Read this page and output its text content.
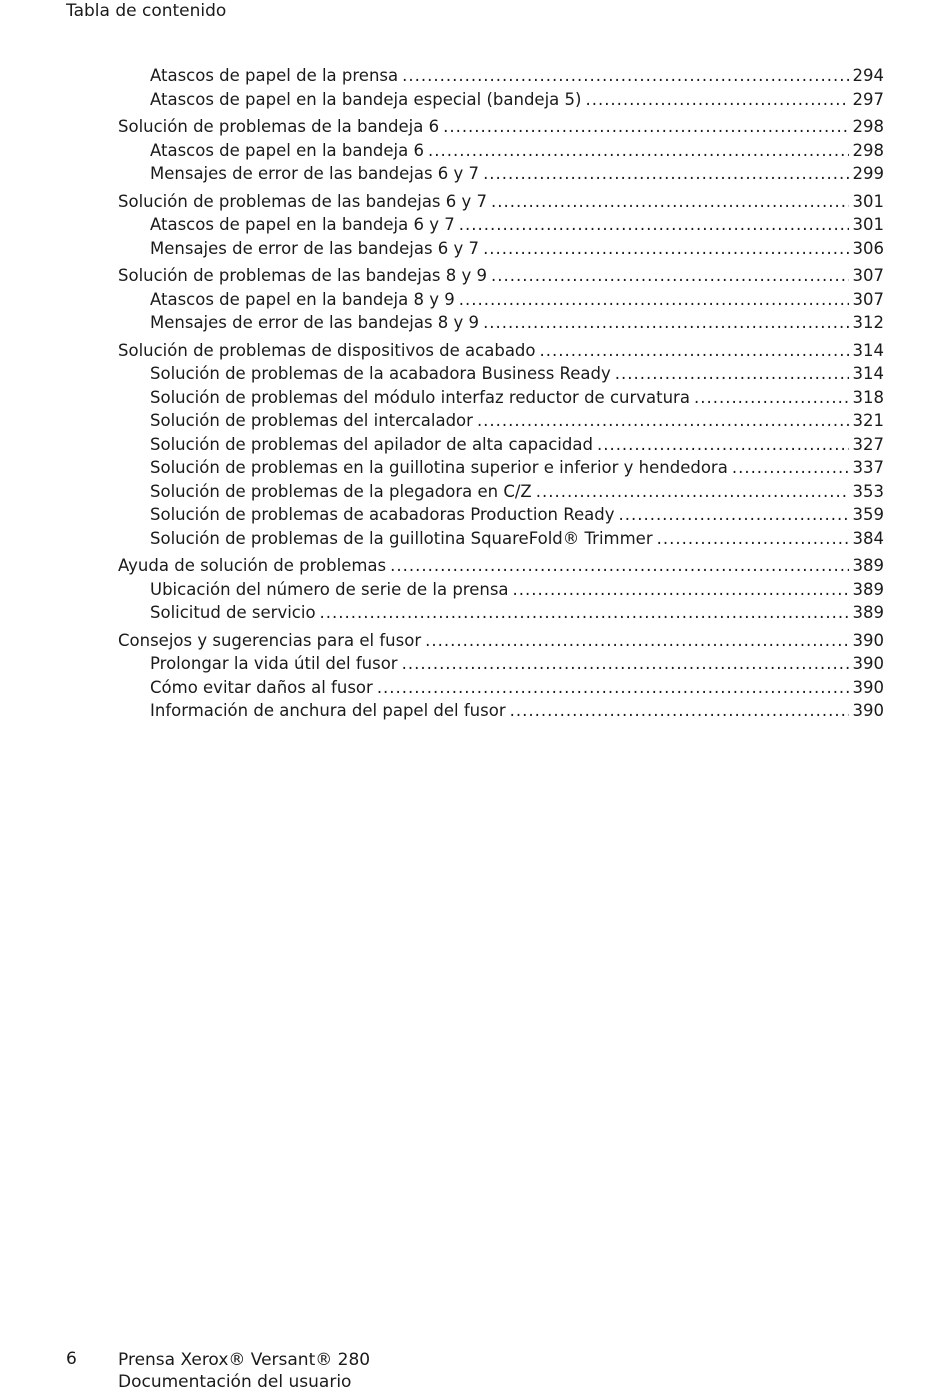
Tabla de contenido
Atascos de papel de la prensa .....	294
Atascos de papel en la bandeja especial (bandeja 5) .....	297
Solución de problemas de la bandeja 6 .....	298
Atascos de papel en la bandeja 6 .....	298
Mensajes de error de las bandejas 6 y 7 .....	299
Solución de problemas de las bandejas 6 y 7 .....	301
Atascos de papel en la bandeja 6 y 7 .....	301
Mensajes de error de las bandejas 6 y 7 .....	306
Solución de problemas de las bandejas 8 y 9 .....	307
Atascos de papel en la bandeja 8 y 9 .....	307
Mensajes de error de las bandejas 8 y 9 .....	312
Solución de problemas de dispositivos de acabado .....	314
Solución de problemas de la acabadora Business Ready .....	314
Solución de problemas del módulo interfaz reductor de curvatura .....	318
Solución de problemas del intercalador .....	321
Solución de problemas del apilador de alta capacidad .....	327
Solución de problemas en la guillotina superior e inferior y hendedora .....	337
Solución de problemas de la plegadora en C/Z .....	353
Solución de problemas de acabadoras Production Ready .....	359
Solución de problemas de la guillotina SquareFold® Trimmer .....	384
Ayuda de solución de problemas .....	389
Ubicación del número de serie de la prensa .....	389
Solicitud de servicio .....	389
Consejos y sugerencias para el fusor .....	390
Prolongar la vida útil del fusor .....	390
Cómo evitar daños al fusor .....	390
Información de anchura del papel del fusor .....	390
6 Prensa Xerox® Versant® 280
Documentación del usuario
